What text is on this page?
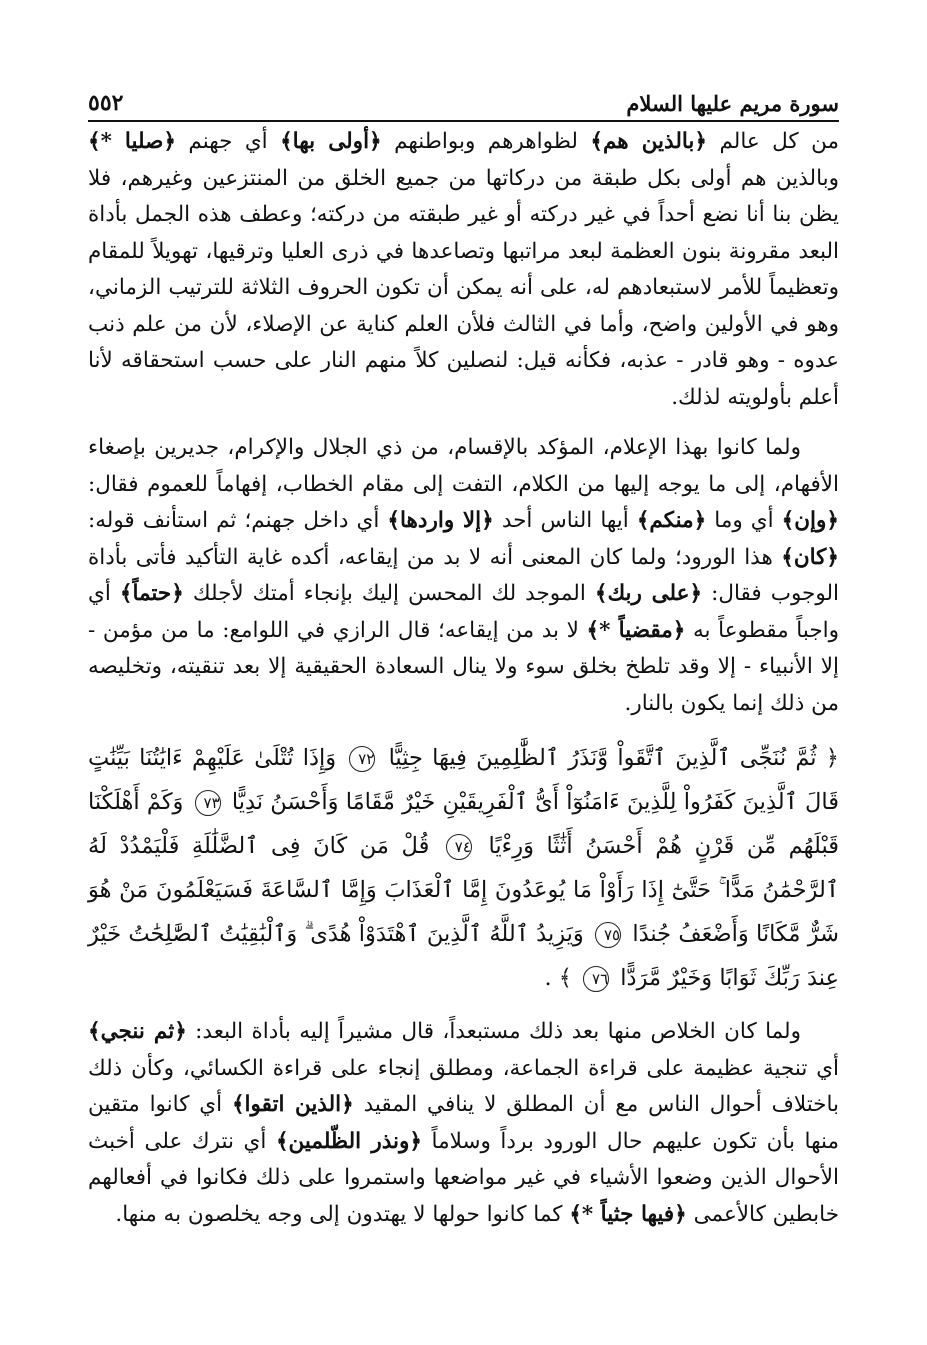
سورة مريم عليها السلام
٥٥٢

من كل عالم ﴿بالذين هم﴾ لظواهرهم وبواطنهم ﴿أولى بها﴾ أي جهنم ﴿صليا *﴾ وبالذين هم أولى بكل طبقة من دركاتها من جميع الخلق من المنتزعين وغيرهم، فلا يظن بنا أنا نضع أحداً في غير دركته أو غير طبقته من دركته؛ وعطف هذه الجمل بأداة البعد مقرونة بنون العظمة لبعد مراتبها وتصاعدها في ذرى العليا وترقيها، تهويلاً للمقام وتعظيماً للأمر لاستبعادهم له، على أنه يمكن أن تكون الحروف الثلاثة للترتيب الزماني، وهو في الأولين واضح، وأما في الثالث فلأن العلم كناية عن الإصلاء، لأن من علم ذنب عدوه - وهو قادر - عذبه، فكأنه قيل: لنصلين كلاً منهم النار على حسب استحقاقه لأنا أعلم بأولويته لذلك.

ولما كانوا بهذا الإعلام، المؤكد بالإقسام، من ذي الجلال والإكرام، جديرين بإصغاء الأفهام، إلى ما يوجه إليها من الكلام، التفت إلى مقام الخطاب، إفهاماً للعموم فقال: ﴿وإن﴾ أي وما ﴿منكم﴾ أيها الناس أحد ﴿إلا واردها﴾ أي داخل جهنم؛ ثم استأنف قوله: ﴿كان﴾ هذا الورود؛ ولما كان المعنى أنه لا بد من إيقاعه، أكده غاية التأكيد فأتى بأداة الوجوب فقال: ﴿على ربك﴾ الموجد لك المحسن إليك بإنجاء أمتك لأجلك ﴿حتماً﴾ أي واجباً مقطوعاً به ﴿مقضياً *﴾ لا بد من إيقاعه؛ قال الرازي في اللوامع: ما من مؤمن - إلا الأنبياء - إلا وقد تلطخ بخلق سوء ولا ينال السعادة الحقيقية إلا بعد تنقيته، وتخليصه من ذلك إنما يكون بالنار.

﴿ ثُمَّ نُنَجِّى ٱلَّذِينَ ٱتَّقَواْ وَّنَذَرُ ٱلظَّٰلِمِينَ فِيهَا جِثِيًّا ٧٢ وَإِذَا تُتْلَىٰ عَلَيْهِمْ ءَايَٰتُنَا بَيِّنَٰتٍ قَالَ ٱلَّذِينَ كَفَرُواْ لِلَّذِينَ ءَامَنُوٓاْ أَىُّ ٱلْفَرِيقَيْنِ خَيْرٌ مَّقَامًا وَأَحْسَنُ نَدِيًّا ٧٣ وَكَمْ أَهْلَكْنَا قَبْلَهُم مِّن قَرْنٍ هُمْ أَحْسَنُ أَثَٰثًا وَرِءْيًا ٧٤ قُلْ مَن كَانَ فِى ٱلضَّلَٰلَةِ فَلْيَمْدُدْ لَهُ ٱلرَّحْمَٰنُ مَدًّا ۚ حَتَّىٰٓ إِذَا رَأَوْاْ مَا يُوعَدُونَ إِمَّا ٱلْعَذَابَ وَإِمَّا ٱلسَّاعَةَ فَسَيَعْلَمُونَ مَنْ هُوَ شَرٌّ مَّكَانًا وَأَضْعَفُ جُندًا ٧٥ وَيَزِيدُ ٱللَّهُ ٱلَّذِينَ ٱهْتَدَوْاْ هُدًى ۗ وَٱلْبَٰقِيَٰتُ ٱلصَّٰلِحَٰتُ خَيْرٌ عِندَ رَبِّكَ ثَوَابًا وَخَيْرٌ مَّرَدًّا ٧٦ ﴾ .

ولما كان الخلاص منها بعد ذلك مستبعداً، قال مشيراً إليه بأداة البعد: ﴿ثم ننجي﴾ أي تنجية عظيمة على قراءة الجماعة، ومطلق إنجاء على قراءة الكسائي، وكأن ذلك باختلاف أحوال الناس مع أن المطلق لا ينافي المقيد ﴿الذين اتقوا﴾ أي كانوا متقين منها بأن تكون عليهم حال الورود برداً وسلاماً ﴿ونذر الظّلمين﴾ أي نترك على أخبث الأحوال الذين وضعوا الأشياء في غير مواضعها واستمروا على ذلك فكانوا في أفعالهم خابطين كالأعمى ﴿فيها جثياً *﴾ كما كانوا حولها لا يهتدون إلى وجه يخلصون به منها.
